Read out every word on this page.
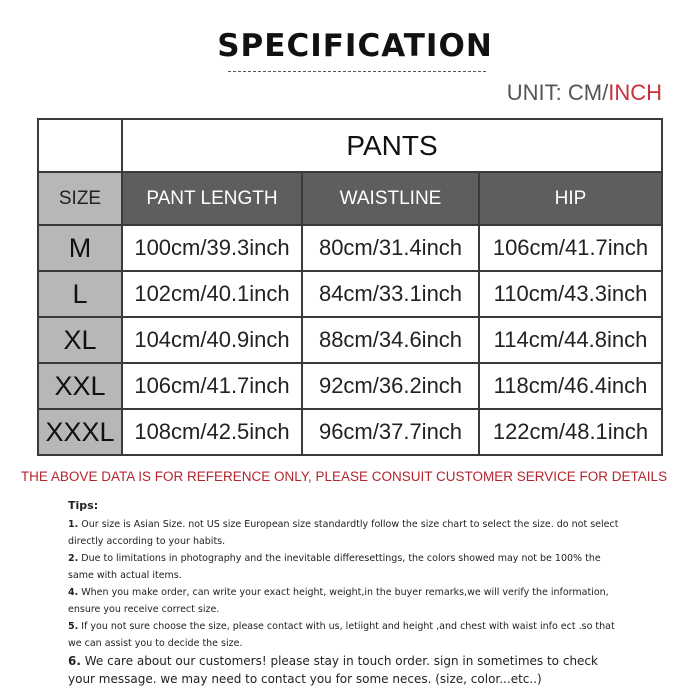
SPECIFICATION
UNIT: CM/INCH
	PANTS		
SIZE	PANT LENGTH	WAISTLINE	HIP
M	100cm/39.3inch	80cm/31.4inch	106cm/41.7inch
L	102cm/40.1inch	84cm/33.1inch	110cm/43.3inch
XL	104cm/40.9inch	88cm/34.6inch	114cm/44.8inch
XXL	106cm/41.7inch	92cm/36.2inch	118cm/46.4inch
XXXL	108cm/42.5inch	96cm/37.7inch	122cm/48.1inch
THE ABOVE DATA IS FOR REFERENCE ONLY, PLEASE CONSUIT CUSTOMER SERVICE FOR DETAILS
Tips:

1. Our size is Asian Size. not US size European size standardtly follow the size chart to select the size. do not select directly according to your habits.

2. Due to limitations in photography and the inevitable differesettings, the colors showed may not be 100% the same with actual items.

4. When you make order, can write your exact height, weight,in the buyer remarks,we will verify the information, ensure you receive correct size.

5. If you not sure choose the size, please contact with us, letiight and height ,and chest with waist info ect .so that we can assist you to decide the size.

6. We care about our customers! please stay in touch order. sign in sometimes to check your message. we may need to contact you for some neces. (size, color...etc..)
